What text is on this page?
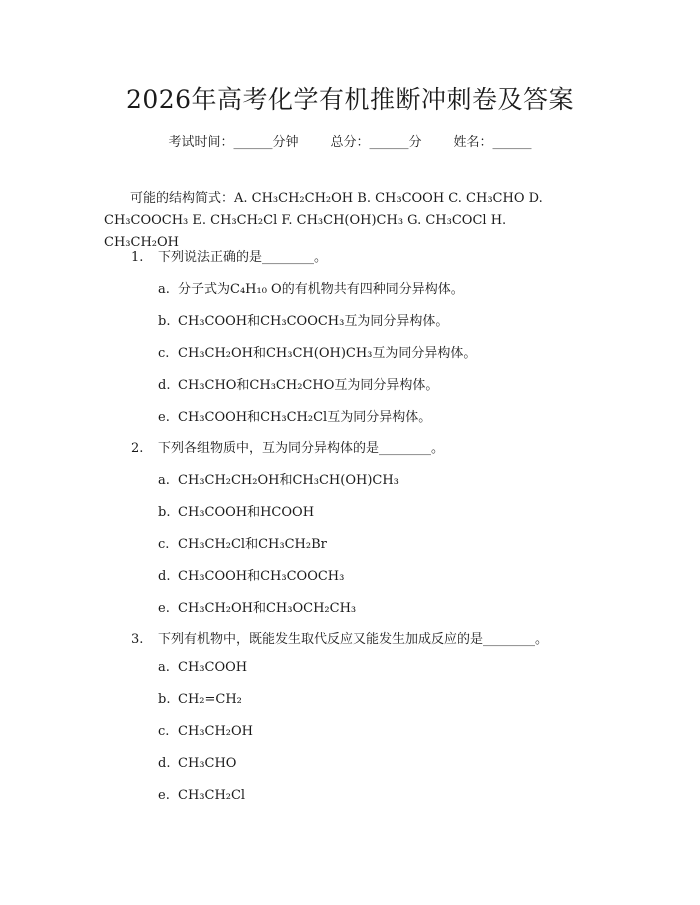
2026年高考化学有机推断冲刺卷及答案
考试时间：______分钟 总分：______分 姓名：______
可能的结构简式：A. CH₃CH₂CH₂OH B. CH₃COOH C. CH₃CHO D. CH₃COOCH₃ E. CH₃CH₂Cl F. CH₃CH(OH)CH₃ G. CH₃COCl H. CH₃CH₂OH
1. 下列说法正确的是________。
a. 分子式为C₄H₁₀ O的有机物共有四种同分异构体。
b. CH₃COOH和CH₃COOCH₃互为同分异构体。
c. CH₃CH₂OH和CH₃CH(OH)CH₃互为同分异构体。
d. CH₃CHO和CH₃CH₂CHO互为同分异构体。
e. CH₃COOH和CH₃CH₂Cl互为同分异构体。
2. 下列各组物质中，互为同分异构体的是________。
a. CH₃CH₂CH₂OH和CH₃CH(OH)CH₃
b. CH₃COOH和HCOOH
c. CH₃CH₂Cl和CH₃CH₂Br
d. CH₃COOH和CH₃COOCH₃
e. CH₃CH₂OH和CH₃OCH₂CH₃
3. 下列有机物中，既能发生取代反应又能发生加成反应的是________。
a. CH₃COOH
b. CH₂=CH₂
c. CH₃CH₂OH
d. CH₃CHO
e. CH₃CH₂Cl
